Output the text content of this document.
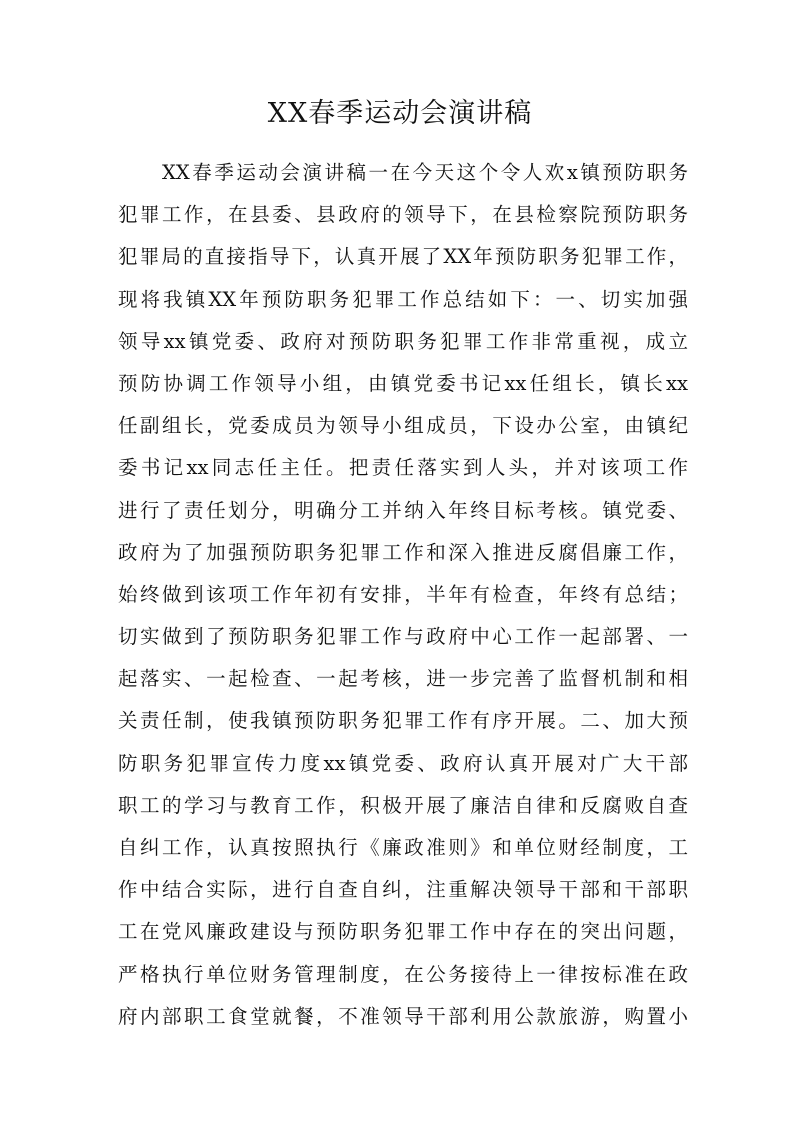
XX春季运动会演讲稿
XX春季运动会演讲稿一在今天这个令人欢x镇预防职务
犯罪工作，在县委、县政府的领导下，在县检察院预防职务
犯罪局的直接指导下，认真开展了XX年预防职务犯罪工作，
现将我镇XX年预防职务犯罪工作总结如下：一、切实加强
领导xx镇党委、政府对预防职务犯罪工作非常重视，成立
预防协调工作领导小组，由镇党委书记xx任组长，镇长xx
任副组长，党委成员为领导小组成员，下设办公室，由镇纪
委书记xx同志任主任。把责任落实到人头，并对该项工作
进行了责任划分，明确分工并纳入年终目标考核。镇党委、
政府为了加强预防职务犯罪工作和深入推进反腐倡廉工作，
始终做到该项工作年初有安排，半年有检查，年终有总结；
切实做到了预防职务犯罪工作与政府中心工作一起部署、一
起落实、一起检查、一起考核，进一步完善了监督机制和相
关责任制，使我镇预防职务犯罪工作有序开展。二、加大预
防职务犯罪宣传力度xx镇党委、政府认真开展对广大干部
职工的学习与教育工作，积极开展了廉洁自律和反腐败自查
自纠工作，认真按照执行《廉政准则》和单位财经制度，工
作中结合实际，进行自查自纠，注重解决领导干部和干部职
工在党风廉政建设与预防职务犯罪工作中存在的突出问题，
严格执行单位财务管理制度，在公务接待上一律按标准在政
府内部职工食堂就餐，不准领导干部利用公款旅游，购置小
